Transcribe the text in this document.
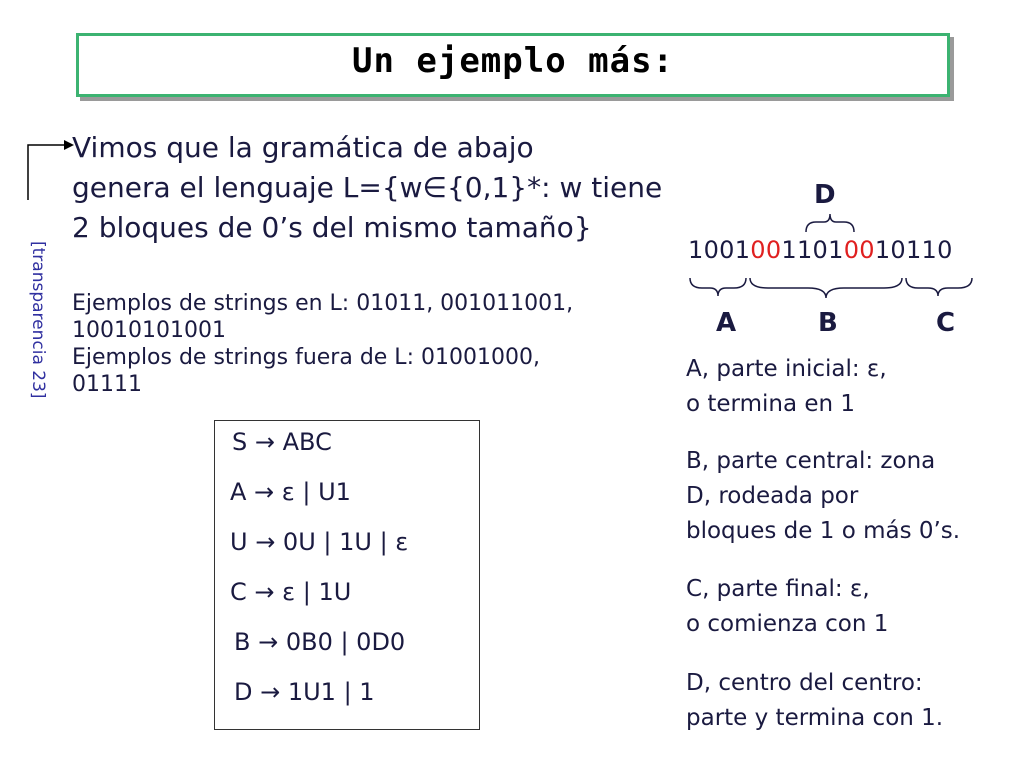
Un ejemplo más:
[transparencia 23]
Vimos que la gramática de abajo
genera el lenguaje L={w∈{0,1}*: w tiene
2 bloques de 0’s del mismo tamaño}
Ejemplos de strings en L: 01011, 001011001,
10010101001
Ejemplos de strings fuera de L: 01001000,
01111
S → ABC
A → ε | U1
U → 0U | 1U | ε
C → ε | 1U
B → 0B0 | 0D0
D → 1U1 | 1
D
10010011010010110
A	B	C
A, parte inicial: ε,
o termina en 1
B, parte central: zona
D, rodeada por
bloques de 1 o más 0’s.
C, parte final: ε,
o comienza con 1
D, centro del centro:
parte y termina con 1.
